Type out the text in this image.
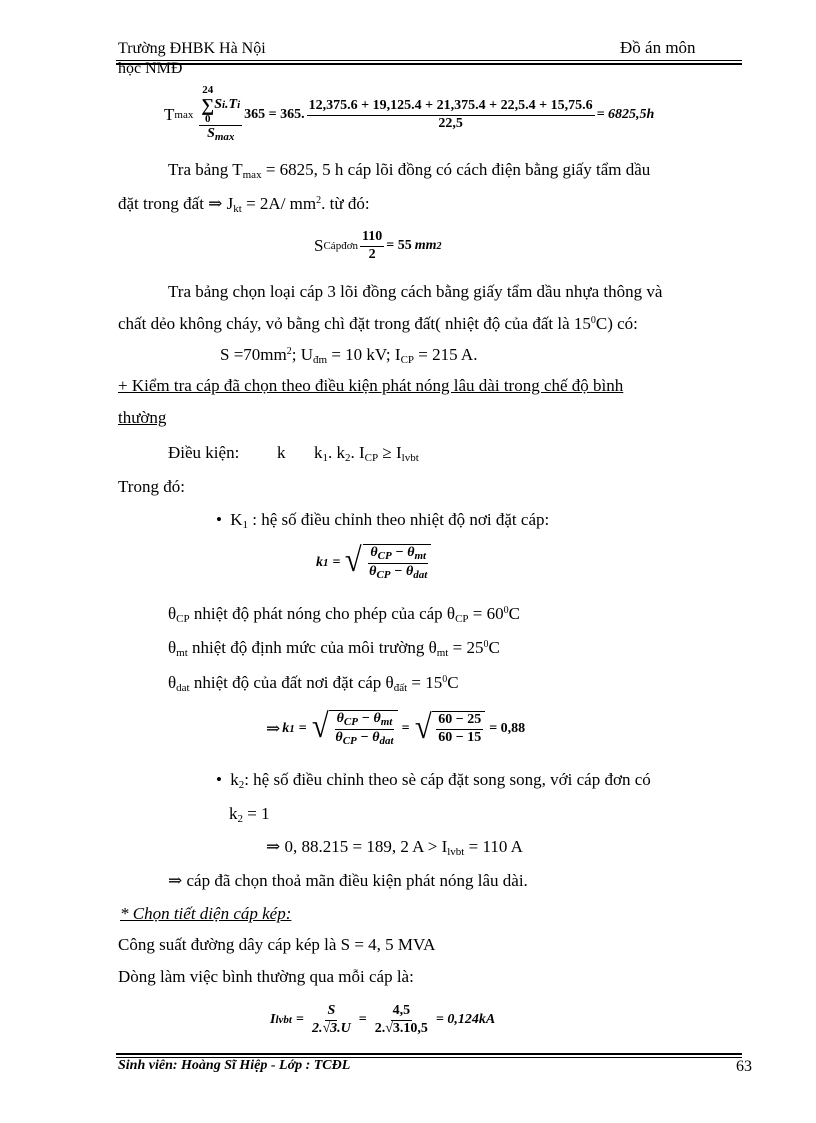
Trường ĐHBK Hà Nội	Đồ án môn
học NMĐ
T max 24
∑
0
S i .T i
$S_{max}$ 365 = 365. $\frac{12,375.6 + 19,125.4 + 21,375.4 + 22,5.4 + 15,75.6}{22,5} = 6825,5h$
Tra bảng $T_{max} = 6825$, 5 h cáp lõi đồng có cách điện bằng giấy tẩm dầu
đặt trong đất ⇒ $J_{kt} = 2A/$ $mm^2$. từ đó:
S Cápđơn $\frac{110}{2} = 55$ mm 2
Tra bảng chọn loại cáp 3 lõi đồng cách bằng giấy tẩm dầu nhựa thông và
chất dẻo không cháy, vỏ bằng chì đặt trong đất( nhiệt độ của đất là $15^0C$) có:
$S =70mm^2$; $U_{đm} = 10$ kV; $I_{CP} = 215$ A.
+ Kiểm tra cáp đã chọn theo điều kiện phát nóng lâu dài trong chế độ bình
thường
Điều kiện: k $k_1$. $k_2$. $I_{CP} \ge I_{lvbt}$
Trong đó:
• $K_1$ : hệ số điều chỉnh theo nhiệt độ nơi đặt cáp:
k 1 = √ $\frac{\theta_{CP} - \theta_{mt}}{\theta_{CP} - \theta_{dat}}$
$\theta_{CP}$ nhiệt độ phát nóng cho phép của cáp $\theta_{CP} = 60^0C$
$\theta_{mt}$ nhiệt độ định mức của môi trường $\theta_{mt} = 25^0C$
$\theta_{dat}$ nhiệt độ của đất nơi đặt cáp $\theta_{đất} = 15^0C$
⇒ k 1 = √ $\frac{\theta_{CP} - \theta_{mt}}{\theta_{CP} - \theta_{dat}}$ = √ $\frac{60 - 25}{60 - 15} = 0,88$
• $k_2$: hệ số điều chỉnh theo sè cáp đặt song song, với cáp đơn có
$k_2 = 1$
⇒ 0, 88.215 = 189, 2 $A > I_{lvbt} = 110$ A
⇒ cáp đã chọn thoả mãn điều kiện phát nóng lâu dài.
* Chọn tiết diện cáp kép:
Công suất đường dây cáp kép là S = 4, 5 MVA
Dòng làm việc bình thường qua mỗi cáp là:
I lvbt = $\frac{S}{2.√3.U} = \frac{4,5}{2.√3.10,5} = 0,124kA$
Sinh viên: Hoàng Sĩ Hiệp - Lớp : TCĐL	63
